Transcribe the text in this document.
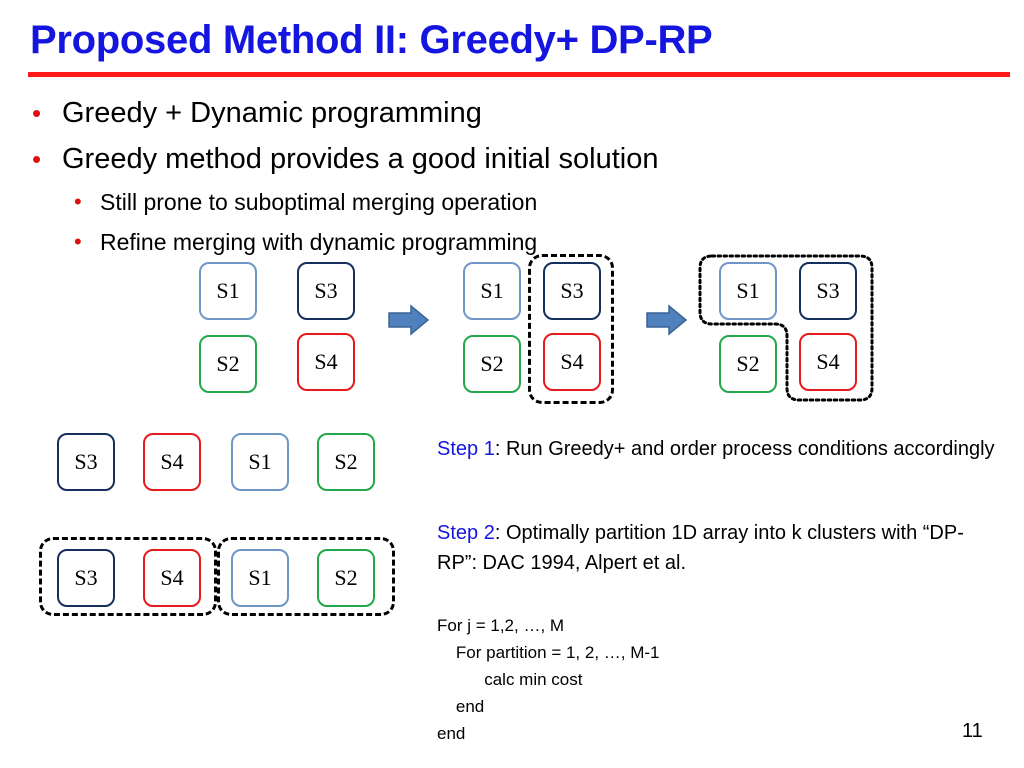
Proposed Method II: Greedy+ DP-RP
• Greedy + Dynamic programming
• Greedy method provides a good initial solution
• Still prone to suboptimal merging operation
• Refine merging with dynamic programming
S1	S3
S2	S4
S1	S3
S2	S4
S1	S3
S2	S4
S3	S4	S1	S2
S3	S4	S1	S2
Step 1: Run Greedy+ and order process conditions accordingly
Step 2: Optimally partition 1D array into k clusters with “DP-RP”: DAC 1994, Alpert et al.
For j = 1,2, …, M
For partition = 1, 2, …, M-1
calc min cost
end
end	11
